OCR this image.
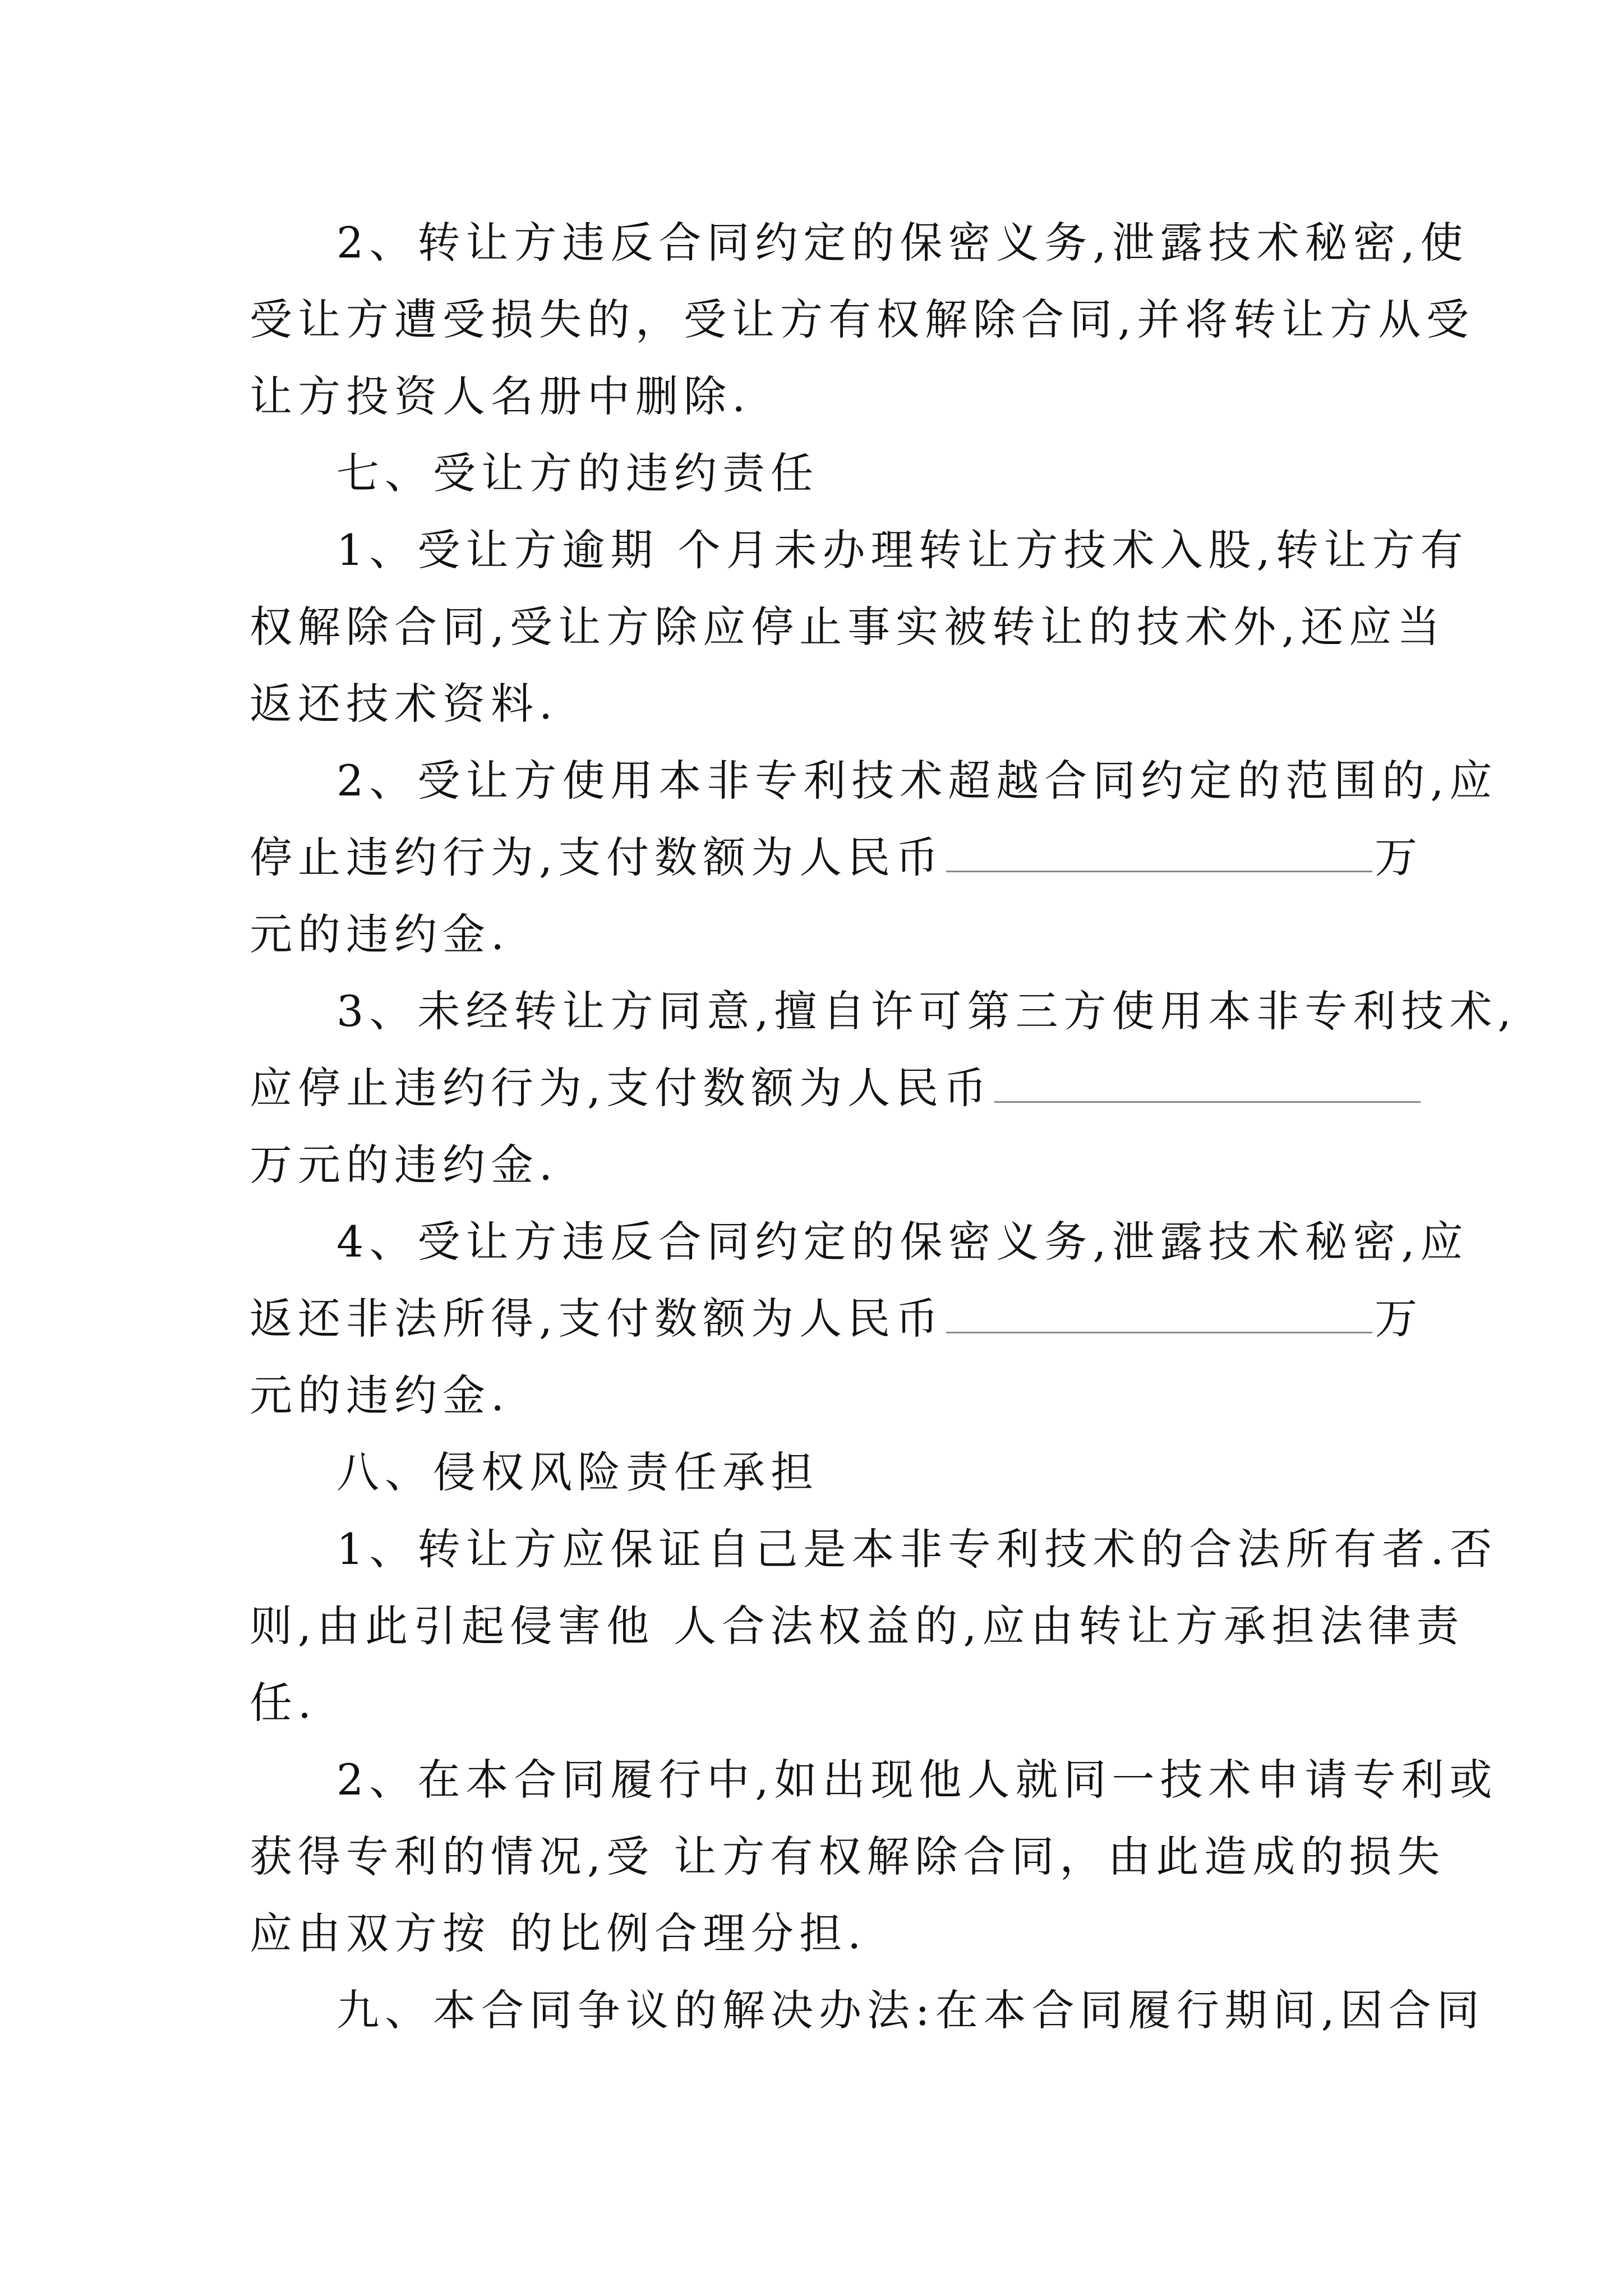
2、转让方违反合同约定的保密义务,泄露技术秘密,使
受让方遭受损失的，受让方有权解除合同,并将转让方从受
让方投资人名册中删除.
七、受让方的违约责任
1、受让方逾期 个月未办理转让方技术入股,转让方有
权解除合同,受让方除应停止事实被转让的技术外,还应当
返还技术资料.
2、受让方使用本非专利技术超越合同约定的范围的,应
停止违约行为,支付数额为人民币	万
元的违约金.
3、未经转让方同意,擅自许可第三方使用本非专利技术,
应停止违约行为,支付数额为人民币
万元的违约金.
4、受让方违反合同约定的保密义务,泄露技术秘密,应
返还非法所得,支付数额为人民币	万
元的违约金.
八、侵权风险责任承担
1、转让方应保证自己是本非专利技术的合法所有者.否
则,由此引起侵害他 人合法权益的,应由转让方承担法律责
任.
2、在本合同履行中,如出现他人就同一技术申请专利或
获得专利的情况,受 让方有权解除合同，由此造成的损失
应由双方按 的比例合理分担.
九、本合同争议的解决办法:在本合同履行期间,因合同
